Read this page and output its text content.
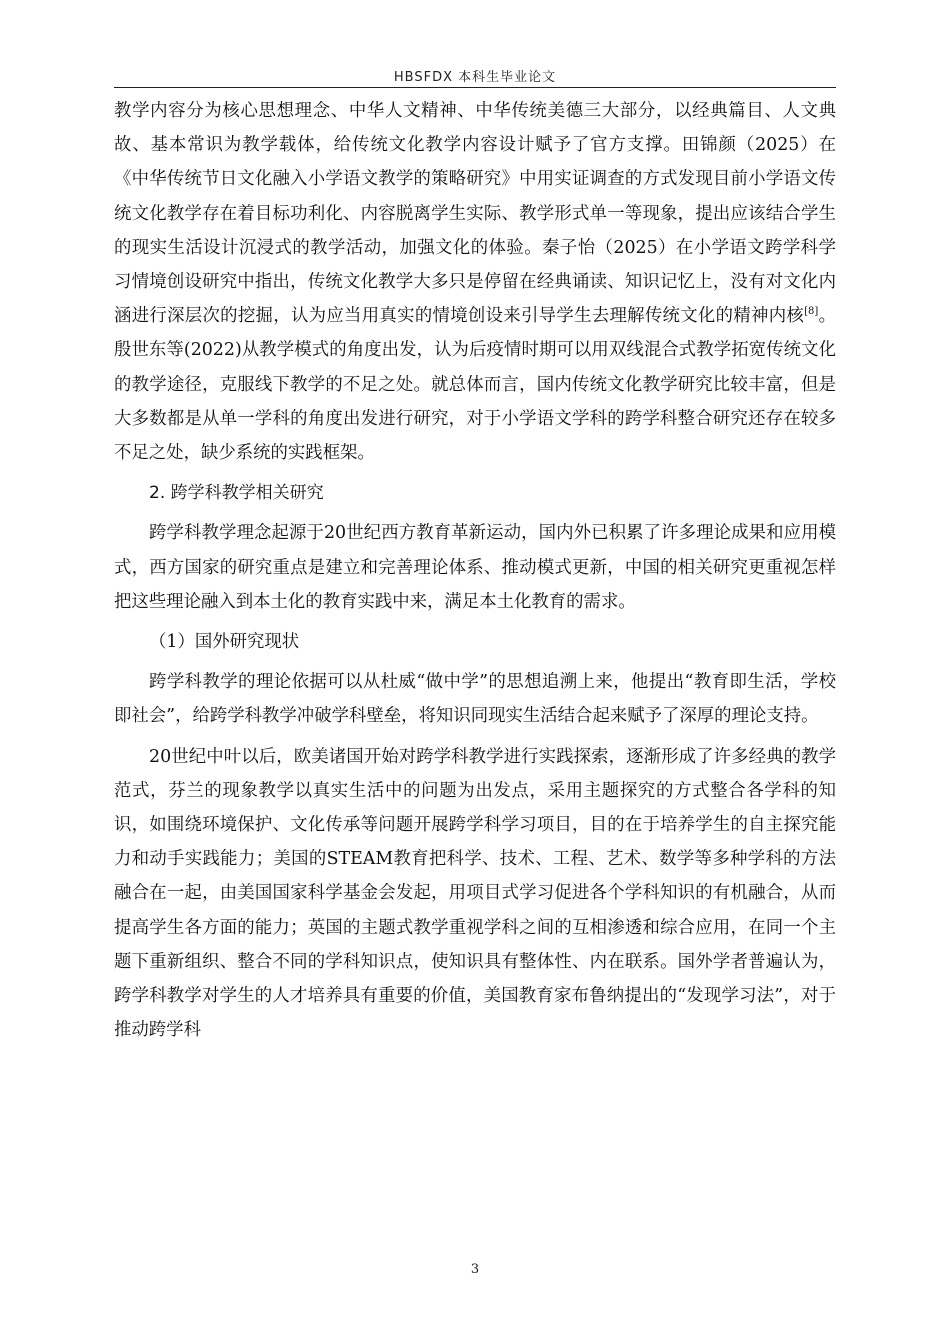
HBSFDX 本科生毕业论文

教学内容分为核心思想理念、中华人文精神、中华传统美德三大部分，以经典篇目、人文典故、基本常识为教学载体，给传统文化教学内容设计赋予了官方支撑。田锦颜（2025）在《中华传统节日文化融入小学语文教学的策略研究》中用实证调查的方式发现目前小学语文传统文化教学存在着目标功利化、内容脱离学生实际、教学形式单一等现象，提出应该结合学生的现实生活设计沉浸式的教学活动，加强文化的体验。秦子怡（2025）在小学语文跨学科学习情境创设研究中指出，传统文化教学大多只是停留在经典诵读、知识记忆上，没有对文化内涵进行深层次的挖掘，认为应当用真实的情境创设来引导学生去理解传统文化的精神内核[8]。殷世东等(2022)从教学模式的角度出发，认为后疫情时期可以用双线混合式教学拓宽传统文化的教学途径，克服线下教学的不足之处。就总体而言，国内传统文化教学研究比较丰富，但是大多数都是从单一学科的角度出发进行研究，对于小学语文学科的跨学科整合研究还存在较多不足之处，缺少系统的实践框架。

2. 跨学科教学相关研究

跨学科教学理念起源于20世纪西方教育革新运动，国内外已积累了许多理论成果和应用模式，西方国家的研究重点是建立和完善理论体系、推动模式更新，中国的相关研究更重视怎样把这些理论融入到本土化的教育实践中来，满足本土化教育的需求。

（1）国外研究现状

跨学科教学的理论依据可以从杜威“做中学”的思想追溯上来，他提出“教育即生活，学校即社会”，给跨学科教学冲破学科壁垒，将知识同现实生活结合起来赋予了深厚的理论支持。

20世纪中叶以后，欧美诸国开始对跨学科教学进行实践探索，逐渐形成了许多经典的教学范式，芬兰的现象教学以真实生活中的问题为出发点，采用主题探究的方式整合各学科的知识，如围绕环境保护、文化传承等问题开展跨学科学习项目，目的在于培养学生的自主探究能力和动手实践能力；美国的STEAM教育把科学、技术、工程、艺术、数学等多种学科的方法融合在一起，由美国国家科学基金会发起，用项目式学习促进各个学科知识的有机融合，从而提高学生各方面的能力；英国的主题式教学重视学科之间的互相渗透和综合应用，在同一个主题下重新组织、整合不同的学科知识点，使知识具有整体性、内在联系。国外学者普遍认为，跨学科教学对学生的人才培养具有重要的价值，美国教育家布鲁纳提出的“发现学习法”，对于推动跨学科

3
